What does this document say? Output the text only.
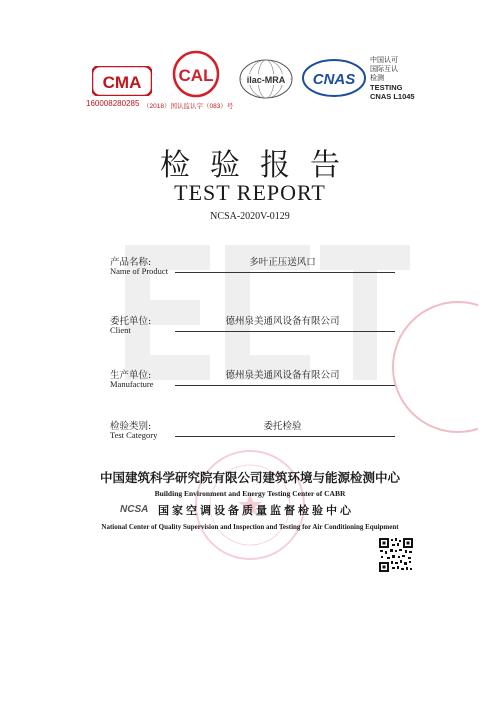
CMA
160008280285
CAL
（2018）国认监认字（083）号
ilac-MRA CNAS
中国认可
国际互认
检测
TESTING
CNAS L1045
检验报告
TEST REPORT
NCSA-2020V-0129
产品名称:
Name of Product
多叶正压送风口
委托单位:
Client
德州泉美通风设备有限公司
生产单位:
Manufacture
德州泉美通风设备有限公司
检验类别:
Test Category
委托检验
中国建筑科学研究院有限公司建筑环境与能源检测中心
Building Environment and Energy Testing Center of CABR
NCSA 国家空调设备质量监督检验中心
National Center of Quality Supervision and Inspection and Testing for Air Conditioning Equipment
